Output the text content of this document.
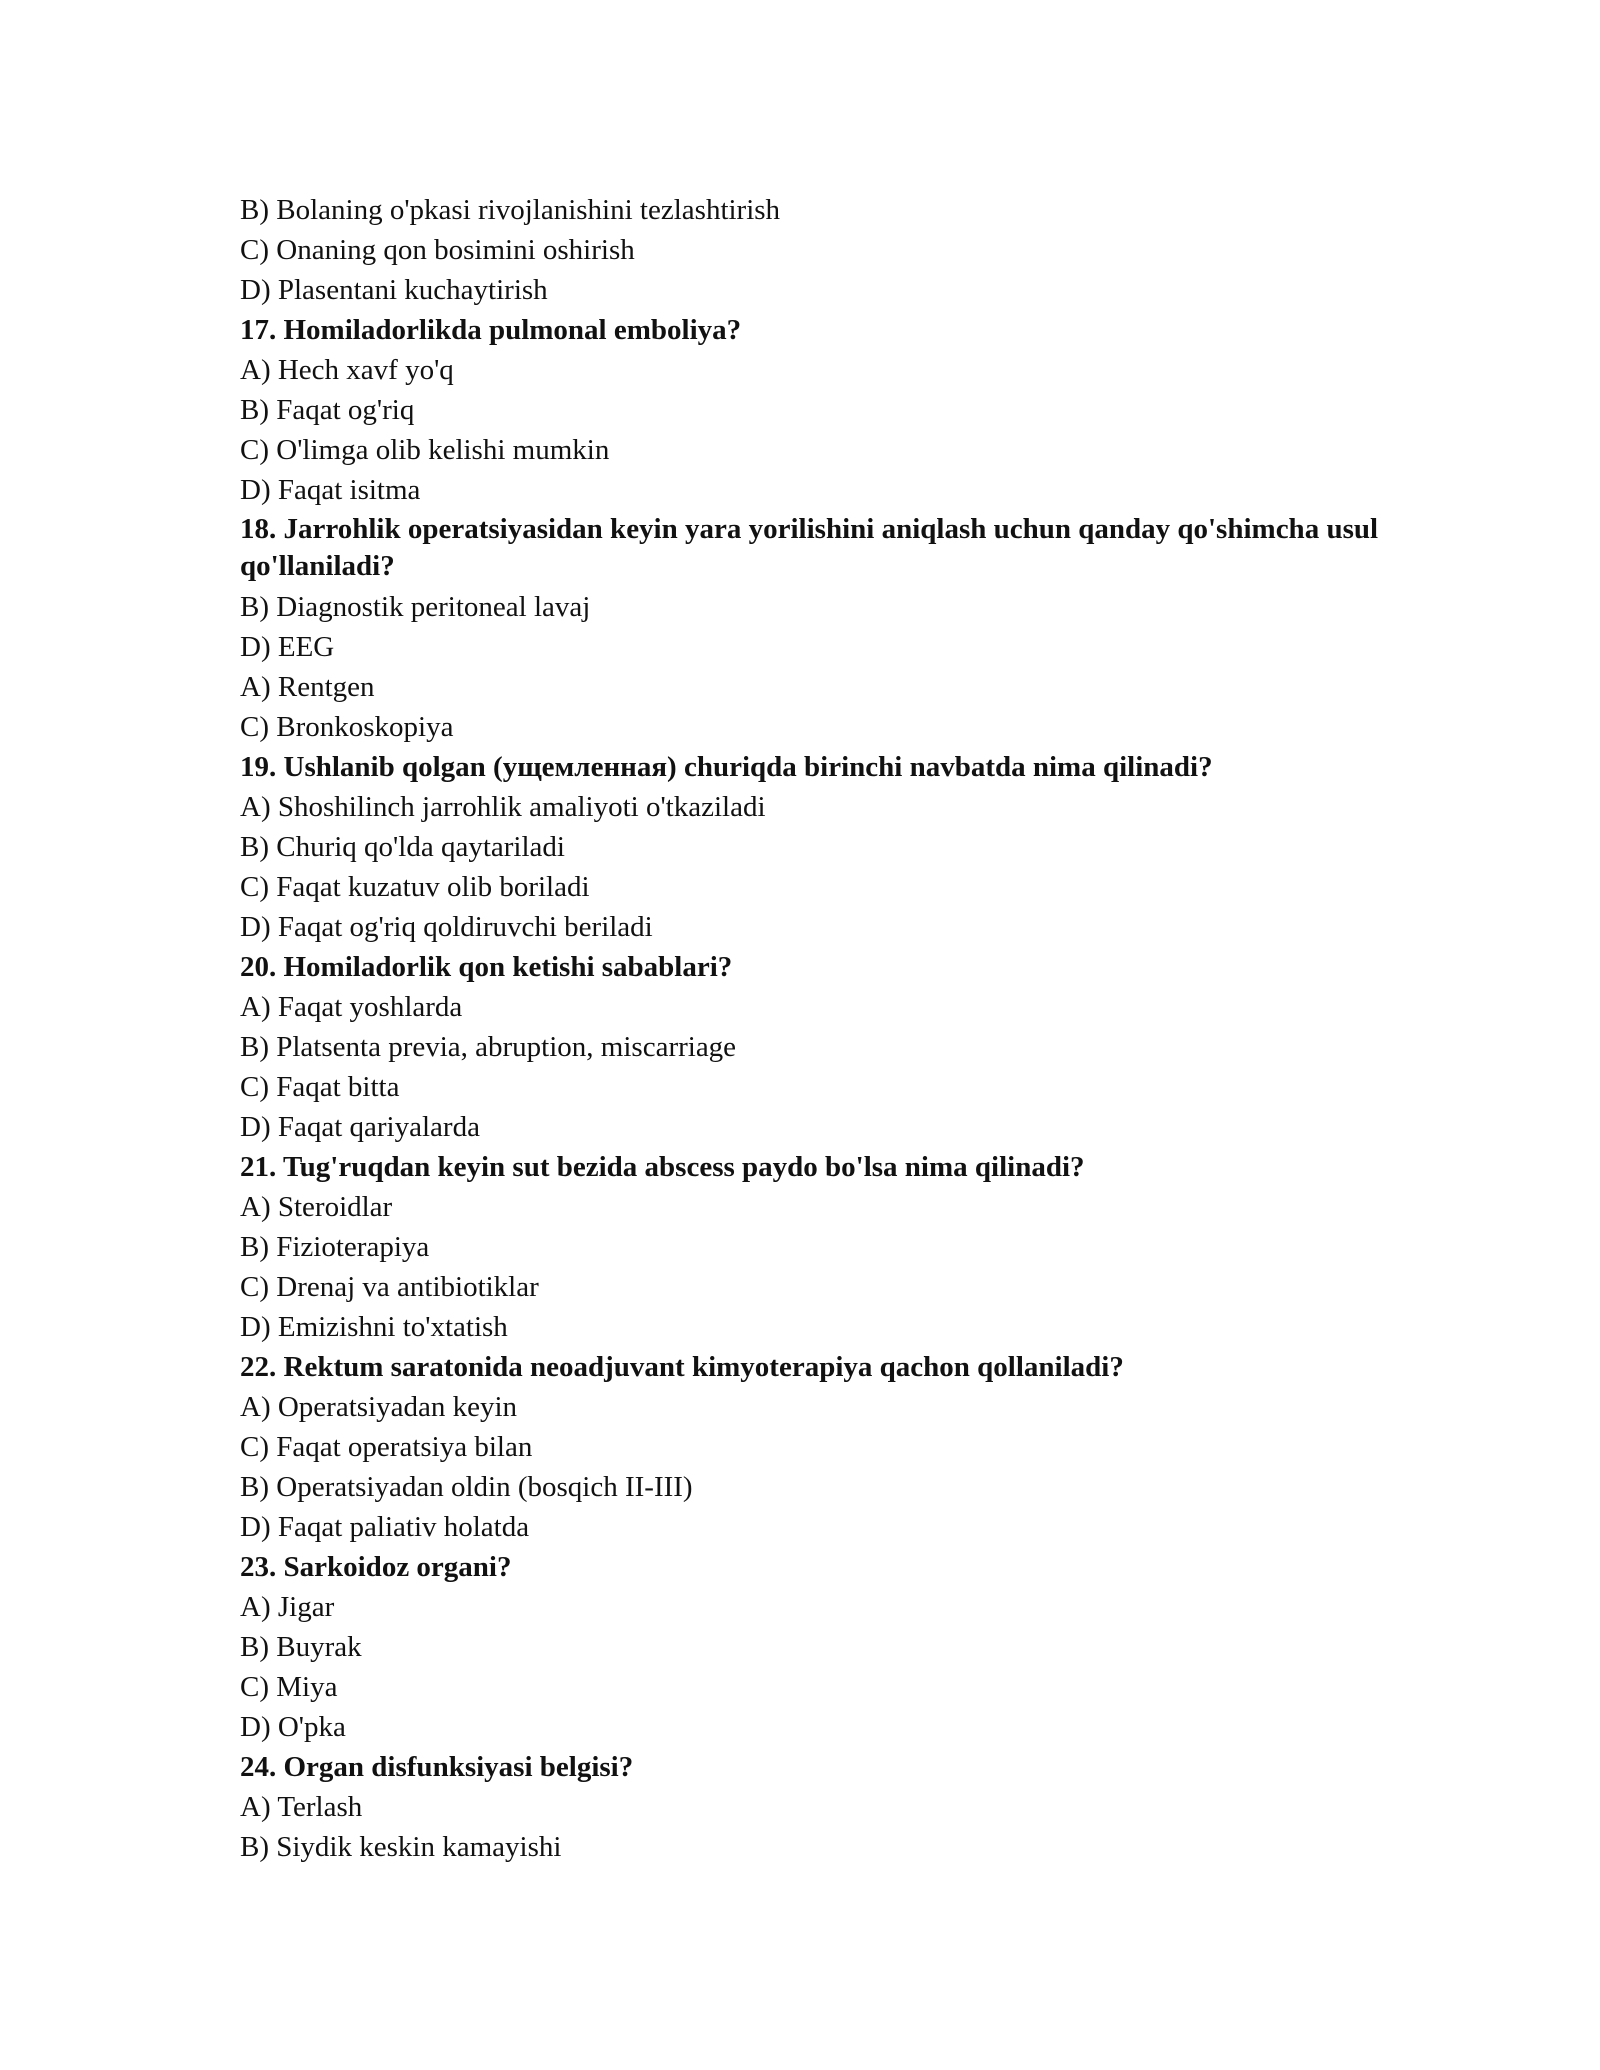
B) Bolaning o'pkasi rivojlanishini tezlashtirish
C) Onaning qon bosimini oshirish
D) Plasentani kuchaytirish
17. Homiladorlikda pulmonal emboliya?
A) Hech xavf yo'q
B) Faqat og'riq
C) O'limga olib kelishi mumkin
D) Faqat isitma
18. Jarrohlik operatsiyasidan keyin yara yorilishini aniqlash uchun qanday qo'shimcha usul qo'llaniladi?
B) Diagnostik peritoneal lavaj
D) EEG
A) Rentgen
C) Bronkoskopiya
19. Ushlanib qolgan (ущемленная) churiqda birinchi navbatda nima qilinadi?
A) Shoshilinch jarrohlik amaliyoti o'tkaziladi
B) Churiq qo'lda qaytariladi
C) Faqat kuzatuv olib boriladi
D) Faqat og'riq qoldiruvchi beriladi
20. Homiladorlik qon ketishi sabablari?
A) Faqat yoshlarda
B) Platsenta previa, abruption, miscarriage
C) Faqat bitta
D) Faqat qariyalarda
21. Tug'ruqdan keyin sut bezida abscess paydo bo'lsa nima qilinadi?
A) Steroidlar
B) Fizioterapiya
C) Drenaj va antibiotiklar
D) Emizishni to'xtatish
22. Rektum saratonida neoadjuvant kimyoterapiya qachon qollaniladi?
A) Operatsiyadan keyin
C) Faqat operatsiya bilan
B) Operatsiyadan oldin (bosqich II-III)
D) Faqat paliativ holatda
23. Sarkoidoz organi?
A) Jigar
B) Buyrak
C) Miya
D) O'pka
24. Organ disfunksiyasi belgisi?
A) Terlash
B) Siydik keskin kamayishi
